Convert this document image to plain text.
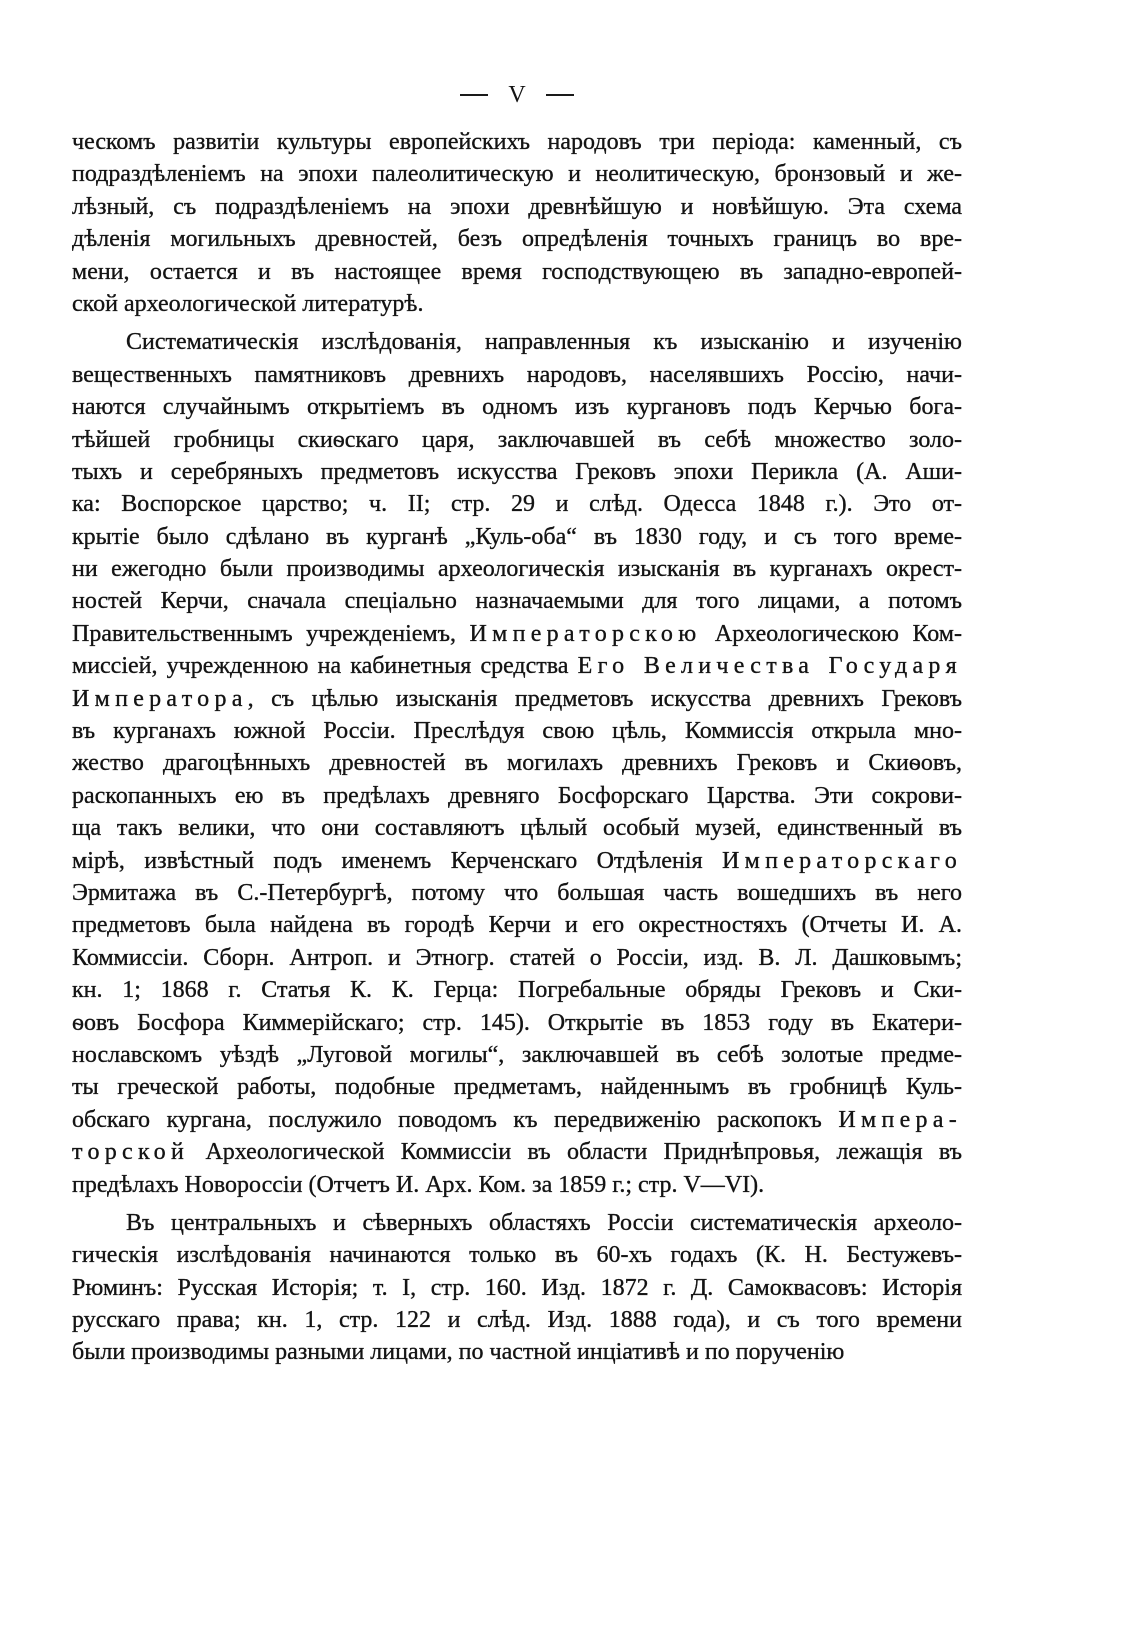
V
ческомъ развитіи культуры европейскихъ народовъ три періода: каменный, съ
подраздѣленіемъ на эпохи палеолитическую и неолитическую, бронзовый и же-
лѣзный, съ подраздѣленіемъ на эпохи древнѣйшую и новѣйшую. Эта схема
дѣленія могильныхъ древностей, безъ опредѣленія точныхъ границъ во вре-
мени, остается и въ настоящее время господствующею въ западно-европей-
ской археологической литературѣ.
Систематическія изслѣдованія, направленныя къ изысканію и изученію
вещественныхъ памятниковъ древнихъ народовъ, населявшихъ Россію, начи-
наются случайнымъ открытіемъ въ одномъ изъ кургановъ подъ Керчью бога-
тѣйшей гробницы скиѳскаго царя, заключавшей въ себѣ множество золо-
тыхъ и серебряныхъ предметовъ искусства Грековъ эпохи Перикла (А. Аши-
ка: Воспорское царство; ч. II; стр. 29 и слѣд. Одесса 1848 г.). Это от-
крытіе было сдѣлано въ курганѣ „Куль-оба“ въ 1830 году, и съ того време-
ни ежегодно были производимы археологическія изысканія въ курганахъ окрест-
ностей Керчи, сначала спеціально назначаемыми для того лицами, а потомъ
Правительственнымъ учрежденіемъ, Императорскою Археологическою Ком-
миссіей, учрежденною на кабинетныя средства Его Величества Государя
Императора, съ цѣлью изысканія предметовъ искусства древнихъ Грековъ
въ курганахъ южной Россіи. Преслѣдуя свою цѣль, Коммиссія открыла мно-
жество драгоцѣнныхъ древностей въ могилахъ древнихъ Грековъ и Скиѳовъ,
раскопанныхъ ею въ предѣлахъ древняго Босфорскаго Царства. Эти сокрови-
ща такъ велики, что они составляютъ цѣлый особый музей, единственный въ
мірѣ, извѣстный подъ именемъ Керченскаго Отдѣленія Императорскаго
Эрмитажа въ С.-Петербургѣ, потому что большая часть вошедшихъ въ него
предметовъ была найдена въ городѣ Керчи и его окрестностяхъ (Отчеты И. А.
Коммиссіи. Сборн. Антроп. и Этногр. статей о Россіи, изд. В. Л. Дашковымъ;
кн. 1; 1868 г. Статья К. К. Герца: Погребальные обряды Грековъ и Ски-
ѳовъ Босфора Киммерійскаго; стр. 145). Открытіе въ 1853 году въ Екатери-
нославскомъ уѣздѣ „Луговой могилы“, заключавшей въ себѣ золотые предме-
ты греческой работы, подобные предметамъ, найденнымъ въ гробницѣ Куль-
обскаго кургана, послужило поводомъ къ передвиженію раскопокъ Импера-
торской Археологической Коммиссіи въ области Приднѣпровья, лежащія въ
предѣлахъ Новороссіи (Отчетъ И. Арх. Ком. за 1859 г.; стр. V—VI).
Въ центральныхъ и сѣверныхъ областяхъ Россіи систематическія археоло-
гическія изслѣдованія начинаются только въ 60-хъ годахъ (К. Н. Бестужевъ-
Рюминъ: Русская Исторія; т. I, стр. 160. Изд. 1872 г. Д. Самоквасовъ: Исторія
русскаго права; кн. 1, стр. 122 и слѣд. Изд. 1888 года), и съ того времени
были производимы разными лицами, по частной инціативѣ и по порученію
